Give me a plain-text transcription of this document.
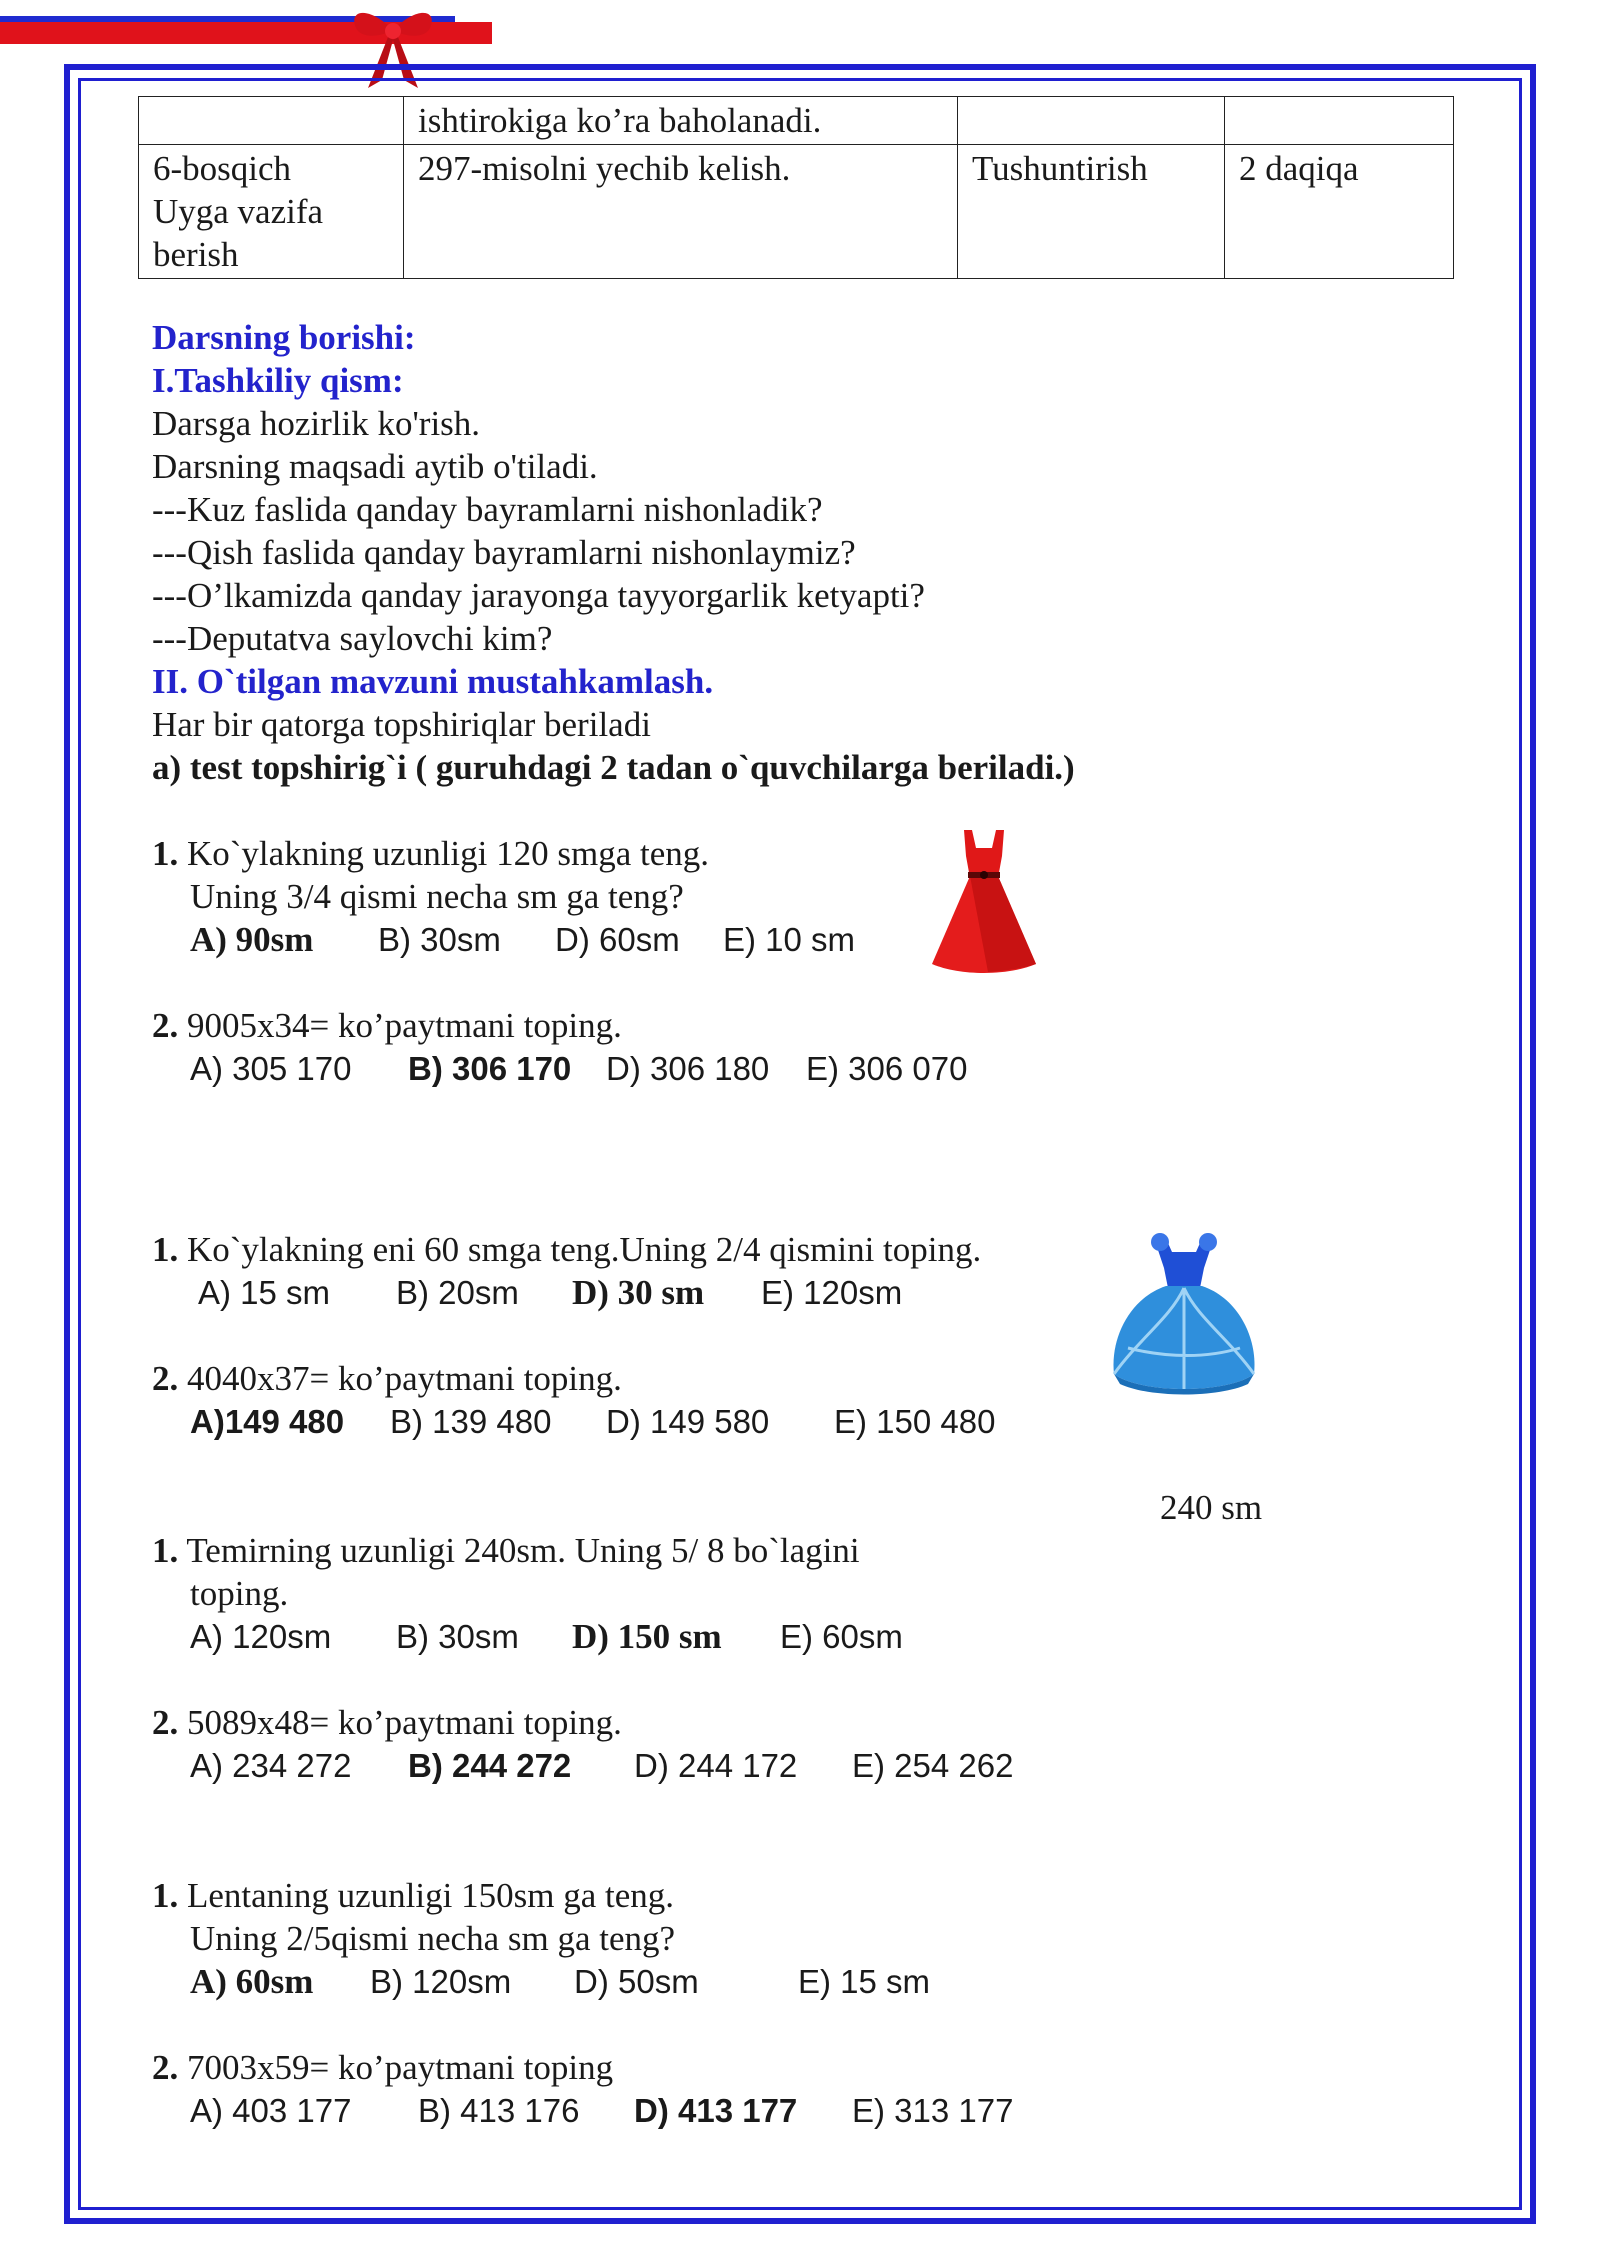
	ishtirokiga ko’ra baholanadi.		
6-bosqich
Uyga vazifa
berish	297-misolni yechib kelish.	Tushuntirish	2 daqiqa
Darsning borishi:
I.Tashkiliy qism:
Darsga hozirlik ko'rish.
Darsning maqsadi aytib o'tiladi.
---Kuz faslida qanday bayramlarni nishonladik?
---Qish faslida qanday bayramlarni nishonlaymiz?
---O’lkamizda qanday jarayonga tayyorgarlik ketyapti?
---Deputatva saylovchi kim?
II. O`tilgan mavzuni mustahkamlash.
Har bir qatorga topshiriqlar beriladi
a) test topshirig`i ( guruhdagi 2 tadan o`quvchilarga beriladi.)
1. Ko`ylakning uzunligi 120 smga teng.
Uning 3/4 qismi necha sm ga teng?
A) 90sm B) 30sm D) 60sm E) 10 sm
2. 9005x34= ko’paytmani toping.
A) 305 170 B) 306 170 D) 306 180 E) 306 070
1. Ko`ylakning eni 60 smga teng.Uning 2/4 qismini toping.
A) 15 sm B) 20sm D) 30 sm E) 120sm
2. 4040x37= ko’paytmani toping.
A)149 480 B) 139 480 D) 149 580 E) 150 480
240 sm
1. Temirning uzunligi 240sm. Uning 5/ 8 bo`lagini
toping.
A) 120sm B) 30sm D) 150 sm E) 60sm
2. 5089x48= ko’paytmani toping.
A) 234 272 B) 244 272 D) 244 172 E) 254 262
1. Lentaning uzunligi 150sm ga teng.
Uning 2/5qismi necha sm ga teng?
A) 60sm B) 120sm D) 50sm	E) 15 sm
2. 7003x59= ko’paytmani toping
A) 403 177 B) 413 176 D) 413 177 E) 313 177
